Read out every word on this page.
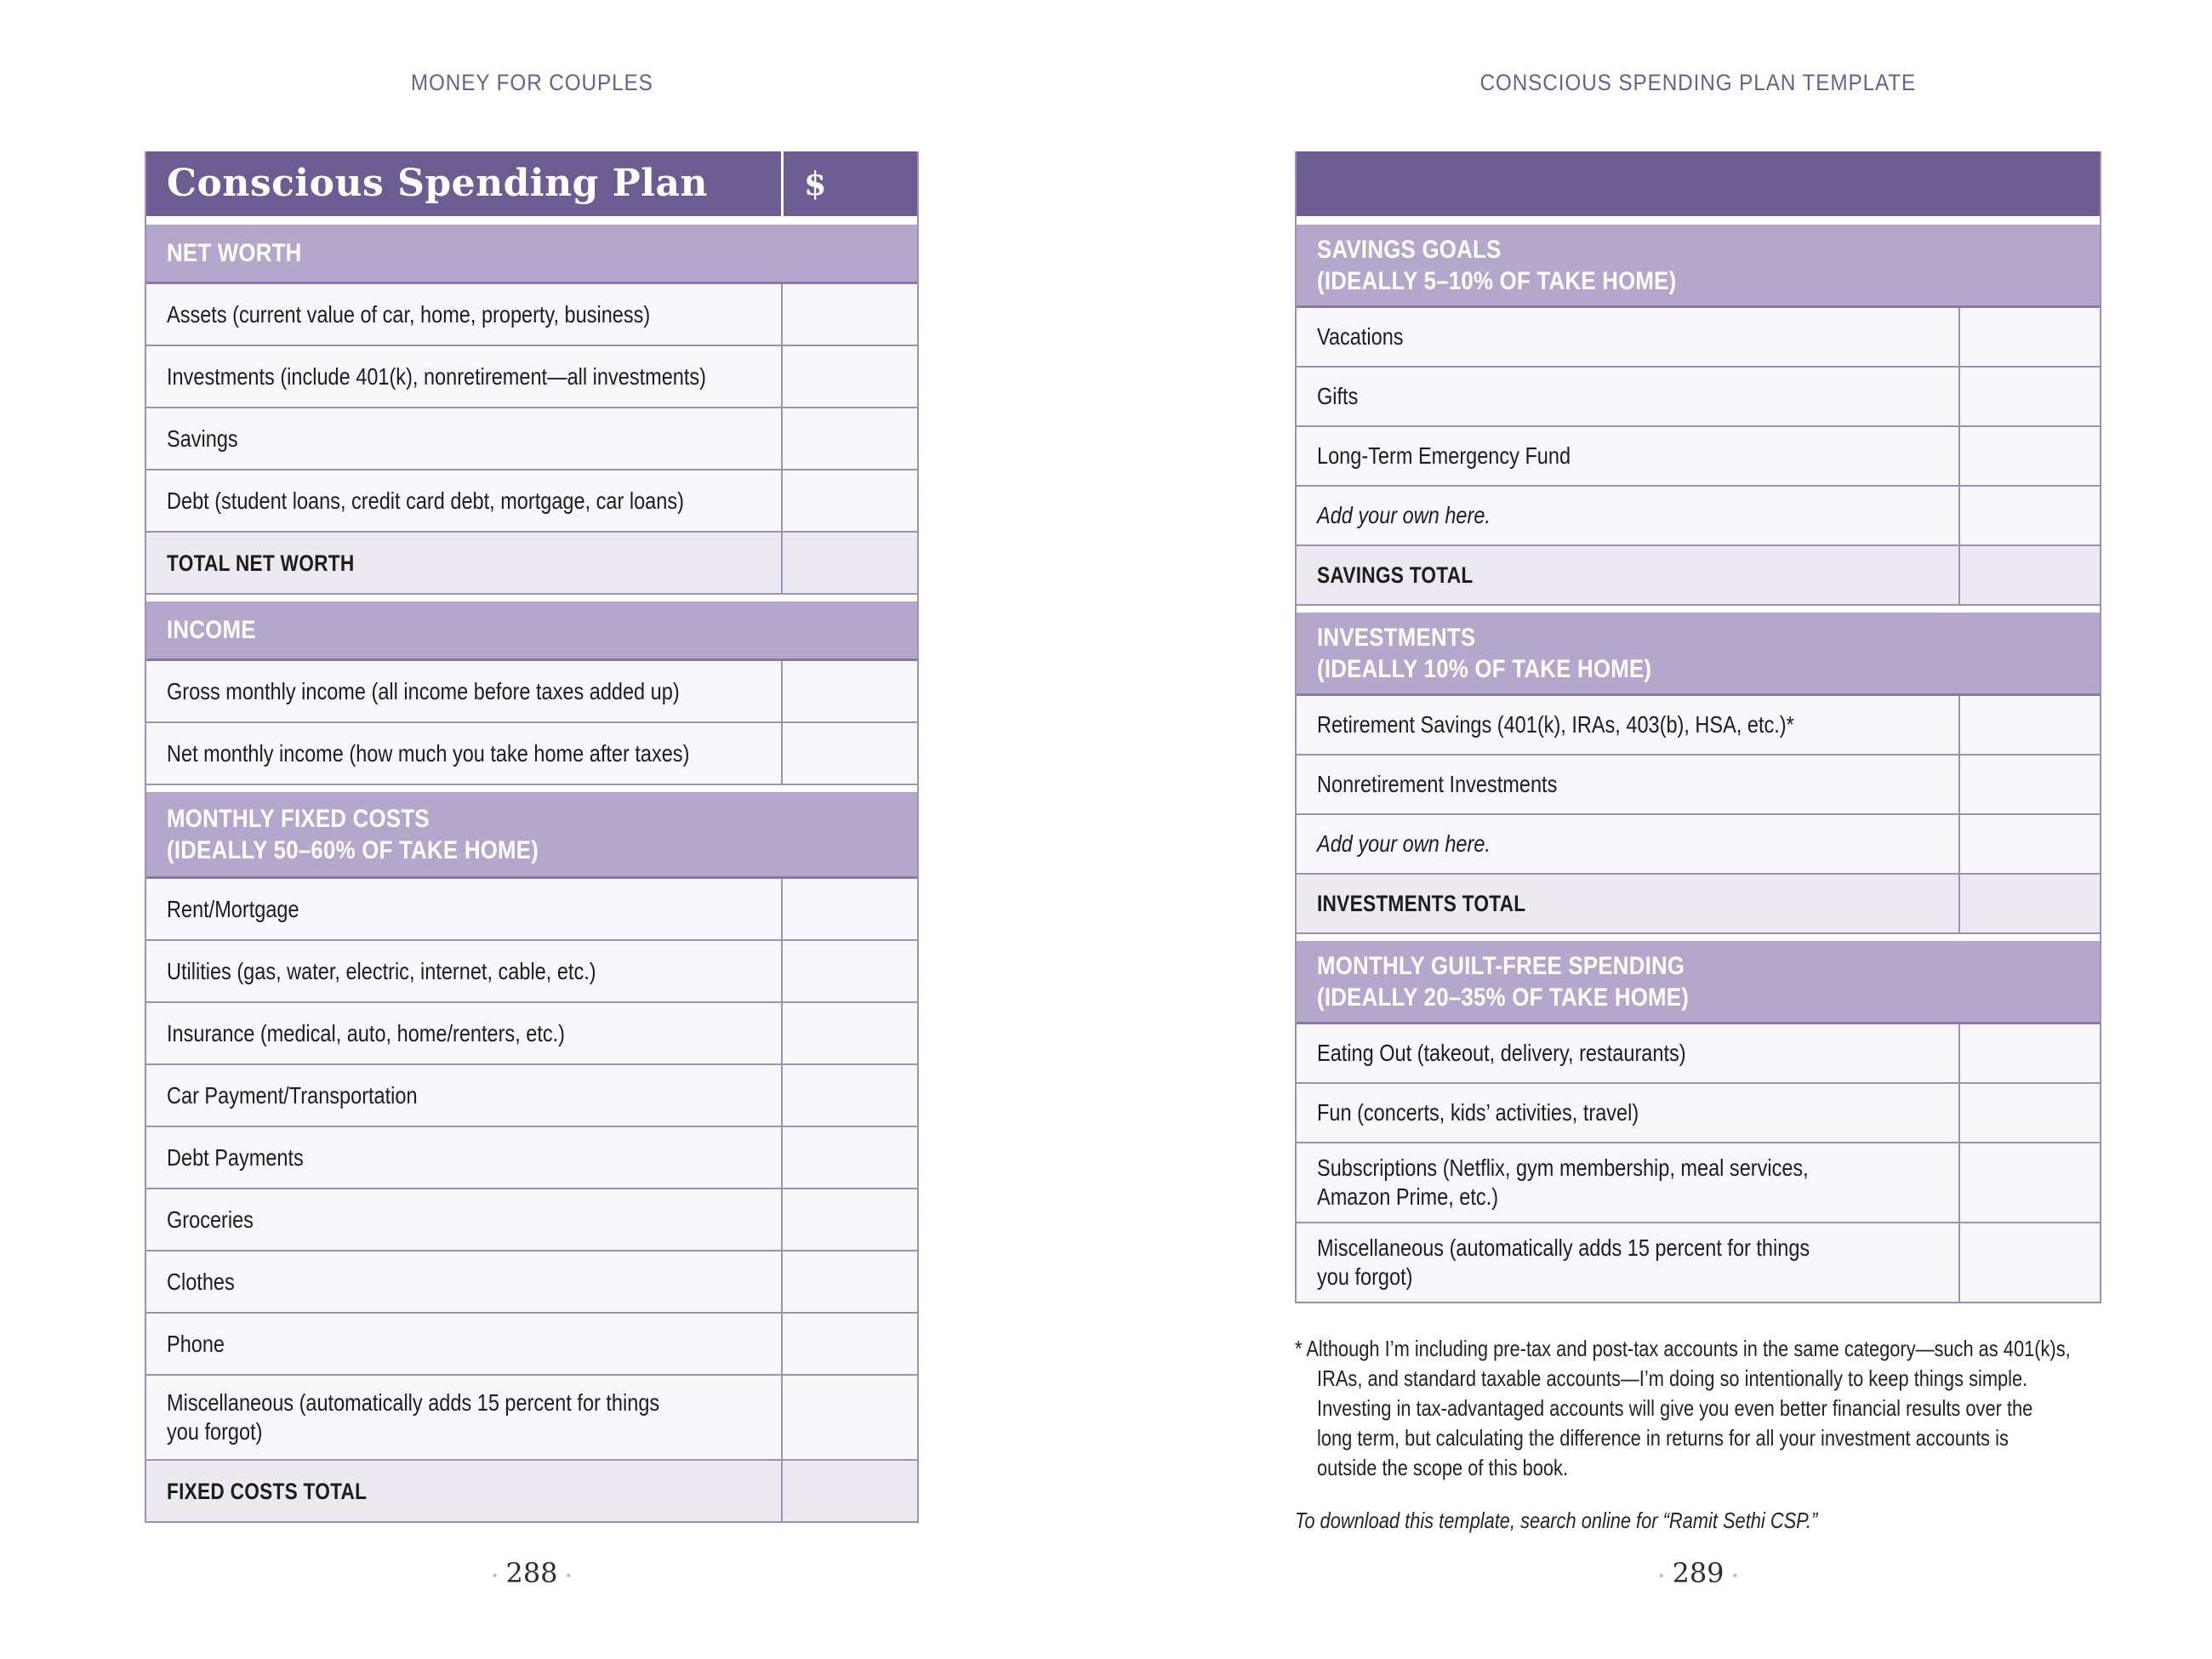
MONEY FOR COUPLES
Conscious Spending Plan	$
NET WORTH
Assets (current value of car, home, property, business)
Investments (include 401(k), nonretirement—all investments)
Savings
Debt (student loans, credit card debt, mortgage, car loans)
TOTAL NET WORTH
INCOME
Gross monthly income (all income before taxes added up)
Net monthly income (how much you take home after taxes)
MONTHLY FIXED COSTS
(IDEALLY 50–60% OF TAKE HOME)
Rent/Mortgage
Utilities (gas, water, electric, internet, cable, etc.)
Insurance (medical, auto, home/renters, etc.)
Car Payment/Transportation
Debt Payments
Groceries
Clothes
Phone
Miscellaneous (automatically adds 15 percent for things
you forgot)
FIXED COSTS TOTAL
• 288 •
CONSCIOUS SPENDING PLAN TEMPLATE
SAVINGS GOALS
(IDEALLY 5–10% OF TAKE HOME)
Vacations
Gifts
Long-Term Emergency Fund
Add your own here.
SAVINGS TOTAL
INVESTMENTS
(IDEALLY 10% OF TAKE HOME)
Retirement Savings (401(k), IRAs, 403(b), HSA, etc.)*
Nonretirement Investments
Add your own here.
INVESTMENTS TOTAL
MONTHLY GUILT-FREE SPENDING
(IDEALLY 20–35% OF TAKE HOME)
Eating Out (takeout, delivery, restaurants)
Fun (concerts, kids’ activities, travel)
Subscriptions (Netflix, gym membership, meal services,
Amazon Prime, etc.)
Miscellaneous (automatically adds 15 percent for things
you forgot)
* Although I’m including pre-tax and post-tax accounts in the same category—such as 401(k)s,
IRAs, and standard taxable accounts—I’m doing so intentionally to keep things simple.
Investing in tax-advantaged accounts will give you even better financial results over the
long term, but calculating the difference in returns for all your investment accounts is
outside the scope of this book.
To download this template, search online for “Ramit Sethi CSP.”
• 289 •
